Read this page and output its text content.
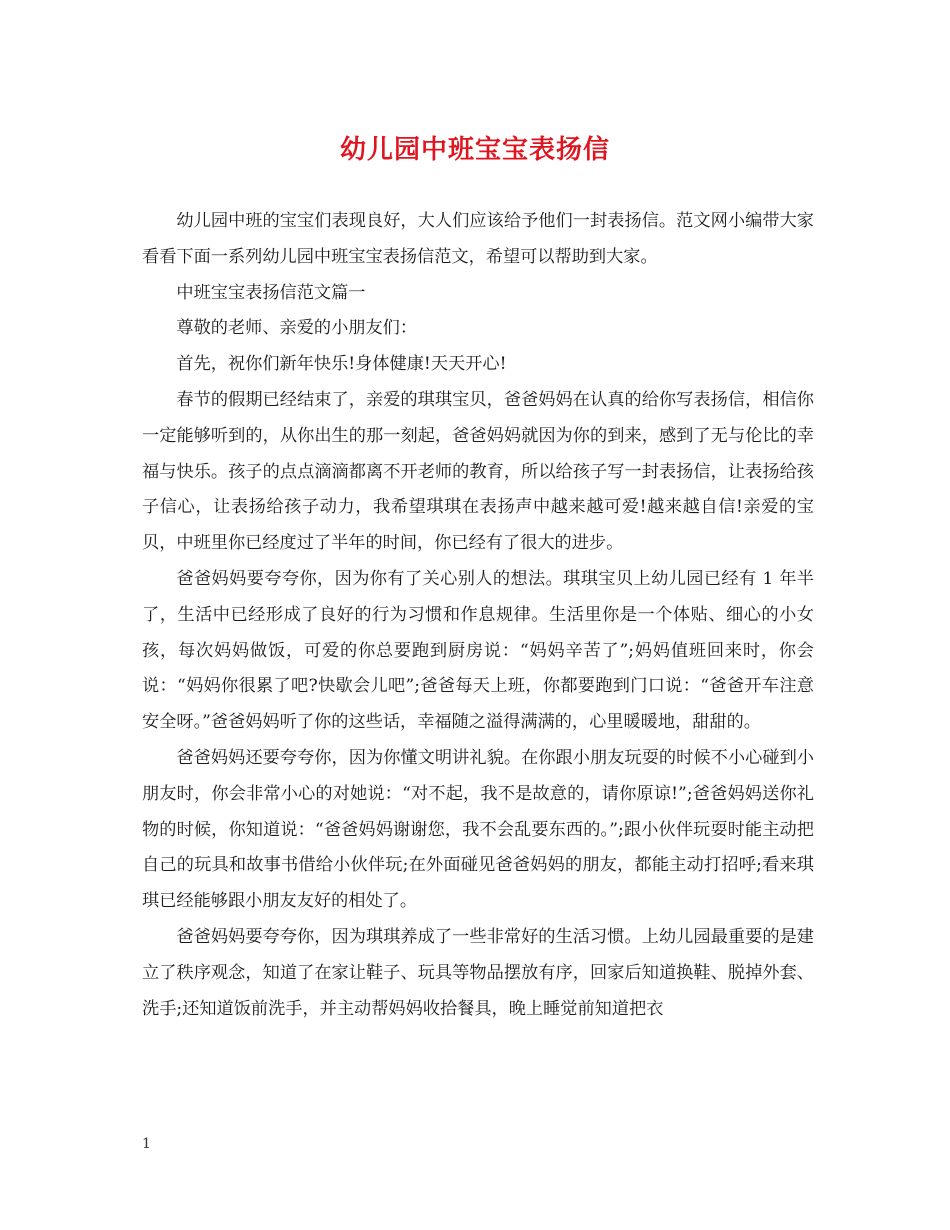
幼儿园中班宝宝表扬信

幼儿园中班的宝宝们表现良好，大人们应该给予他们一封表扬信。范文网小编带大家看看下面一系列幼儿园中班宝宝表扬信范文，希望可以帮助到大家。

中班宝宝表扬信范文篇一

尊敬的老师、亲爱的小朋友们：

首先，祝你们新年快乐!身体健康!天天开心!

春节的假期已经结束了，亲爱的琪琪宝贝，爸爸妈妈在认真的给你写表扬信，相信你一定能够听到的，从你出生的那一刻起，爸爸妈妈就因为你的到来，感到了无与伦比的幸福与快乐。孩子的点点滴滴都离不开老师的教育，所以给孩子写一封表扬信，让表扬给孩子信心，让表扬给孩子动力，我希望琪琪在表扬声中越来越可爱!越来越自信!亲爱的宝贝，中班里你已经度过了半年的时间，你已经有了很大的进步。

爸爸妈妈要夸夸你，因为你有了关心别人的想法。琪琪宝贝上幼儿园已经有 1 年半了，生活中已经形成了良好的行为习惯和作息规律。生活里你是一个体贴、细心的小女孩，每次妈妈做饭，可爱的你总要跑到厨房说：“妈妈辛苦了”;妈妈值班回来时，你会说：“妈妈你很累了吧?快歇会儿吧”;爸爸每天上班，你都要跑到门口说：“爸爸开车注意安全呀。”爸爸妈妈听了你的这些话，幸福随之溢得满满的，心里暖暖地，甜甜的。

爸爸妈妈还要夸夸你，因为你懂文明讲礼貌。在你跟小朋友玩耍的时候不小心碰到小朋友时，你会非常小心的对她说：“对不起，我不是故意的，请你原谅!”;爸爸妈妈送你礼物的时候，你知道说：“爸爸妈妈谢谢您，我不会乱要东西的。”;跟小伙伴玩耍时能主动把自己的玩具和故事书借给小伙伴玩;在外面碰见爸爸妈妈的朋友，都能主动打招呼;看来琪琪已经能够跟小朋友友好的相处了。

爸爸妈妈要夸夸你，因为琪琪养成了一些非常好的生活习惯。上幼儿园最重要的是建立了秩序观念，知道了在家让鞋子、玩具等物品摆放有序，回家后知道换鞋、脱掉外套、洗手;还知道饭前洗手，并主动帮妈妈收拾餐具，晚上睡觉前知道把衣

1
